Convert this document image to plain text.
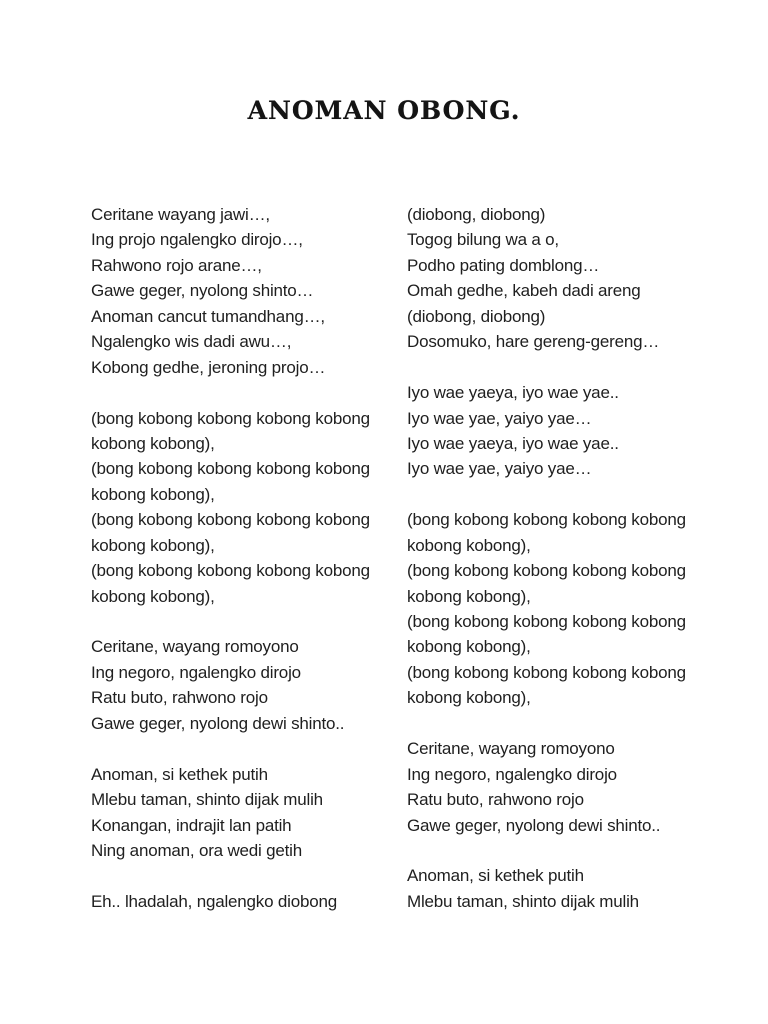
ANOMAN OBONG.
Ceritane wayang jawi…,
Ing projo ngalengko dirojo…,
Rahwono rojo arane…,
Gawe geger, nyolong shinto…
Anoman cancut tumandhang…,
Ngalengko wis dadi awu…,
Kobong gedhe, jeroning projo…
(bong kobong kobong kobong kobong
kobong kobong),
(bong kobong kobong kobong kobong
kobong kobong),
(bong kobong kobong kobong kobong
kobong kobong),
(bong kobong kobong kobong kobong
kobong kobong),
Ceritane, wayang romoyono
Ing negoro, ngalengko dirojo
Ratu buto, rahwono rojo
Gawe geger, nyolong dewi shinto..
Anoman, si kethek putih
Mlebu taman, shinto dijak mulih
Konangan, indrajit lan patih
Ning anoman, ora wedi getih
Eh.. lhadalah, ngalengko diobong
(diobong, diobong)
Togog bilung wa a o,
Podho pating domblong…
Omah gedhe, kabeh dadi areng
(diobong, diobong)
Dosomuko, hare gereng-gereng…
Iyo wae yaeya, iyo wae yae..
Iyo wae yae, yaiyo yae…
Iyo wae yaeya, iyo wae yae..
Iyo wae yae, yaiyo yae…
(bong kobong kobong kobong kobong
kobong kobong),
(bong kobong kobong kobong kobong
kobong kobong),
(bong kobong kobong kobong kobong
kobong kobong),
(bong kobong kobong kobong kobong
kobong kobong),
Ceritane, wayang romoyono
Ing negoro, ngalengko dirojo
Ratu buto, rahwono rojo
Gawe geger, nyolong dewi shinto..
Anoman, si kethek putih
Mlebu taman, shinto dijak mulih
